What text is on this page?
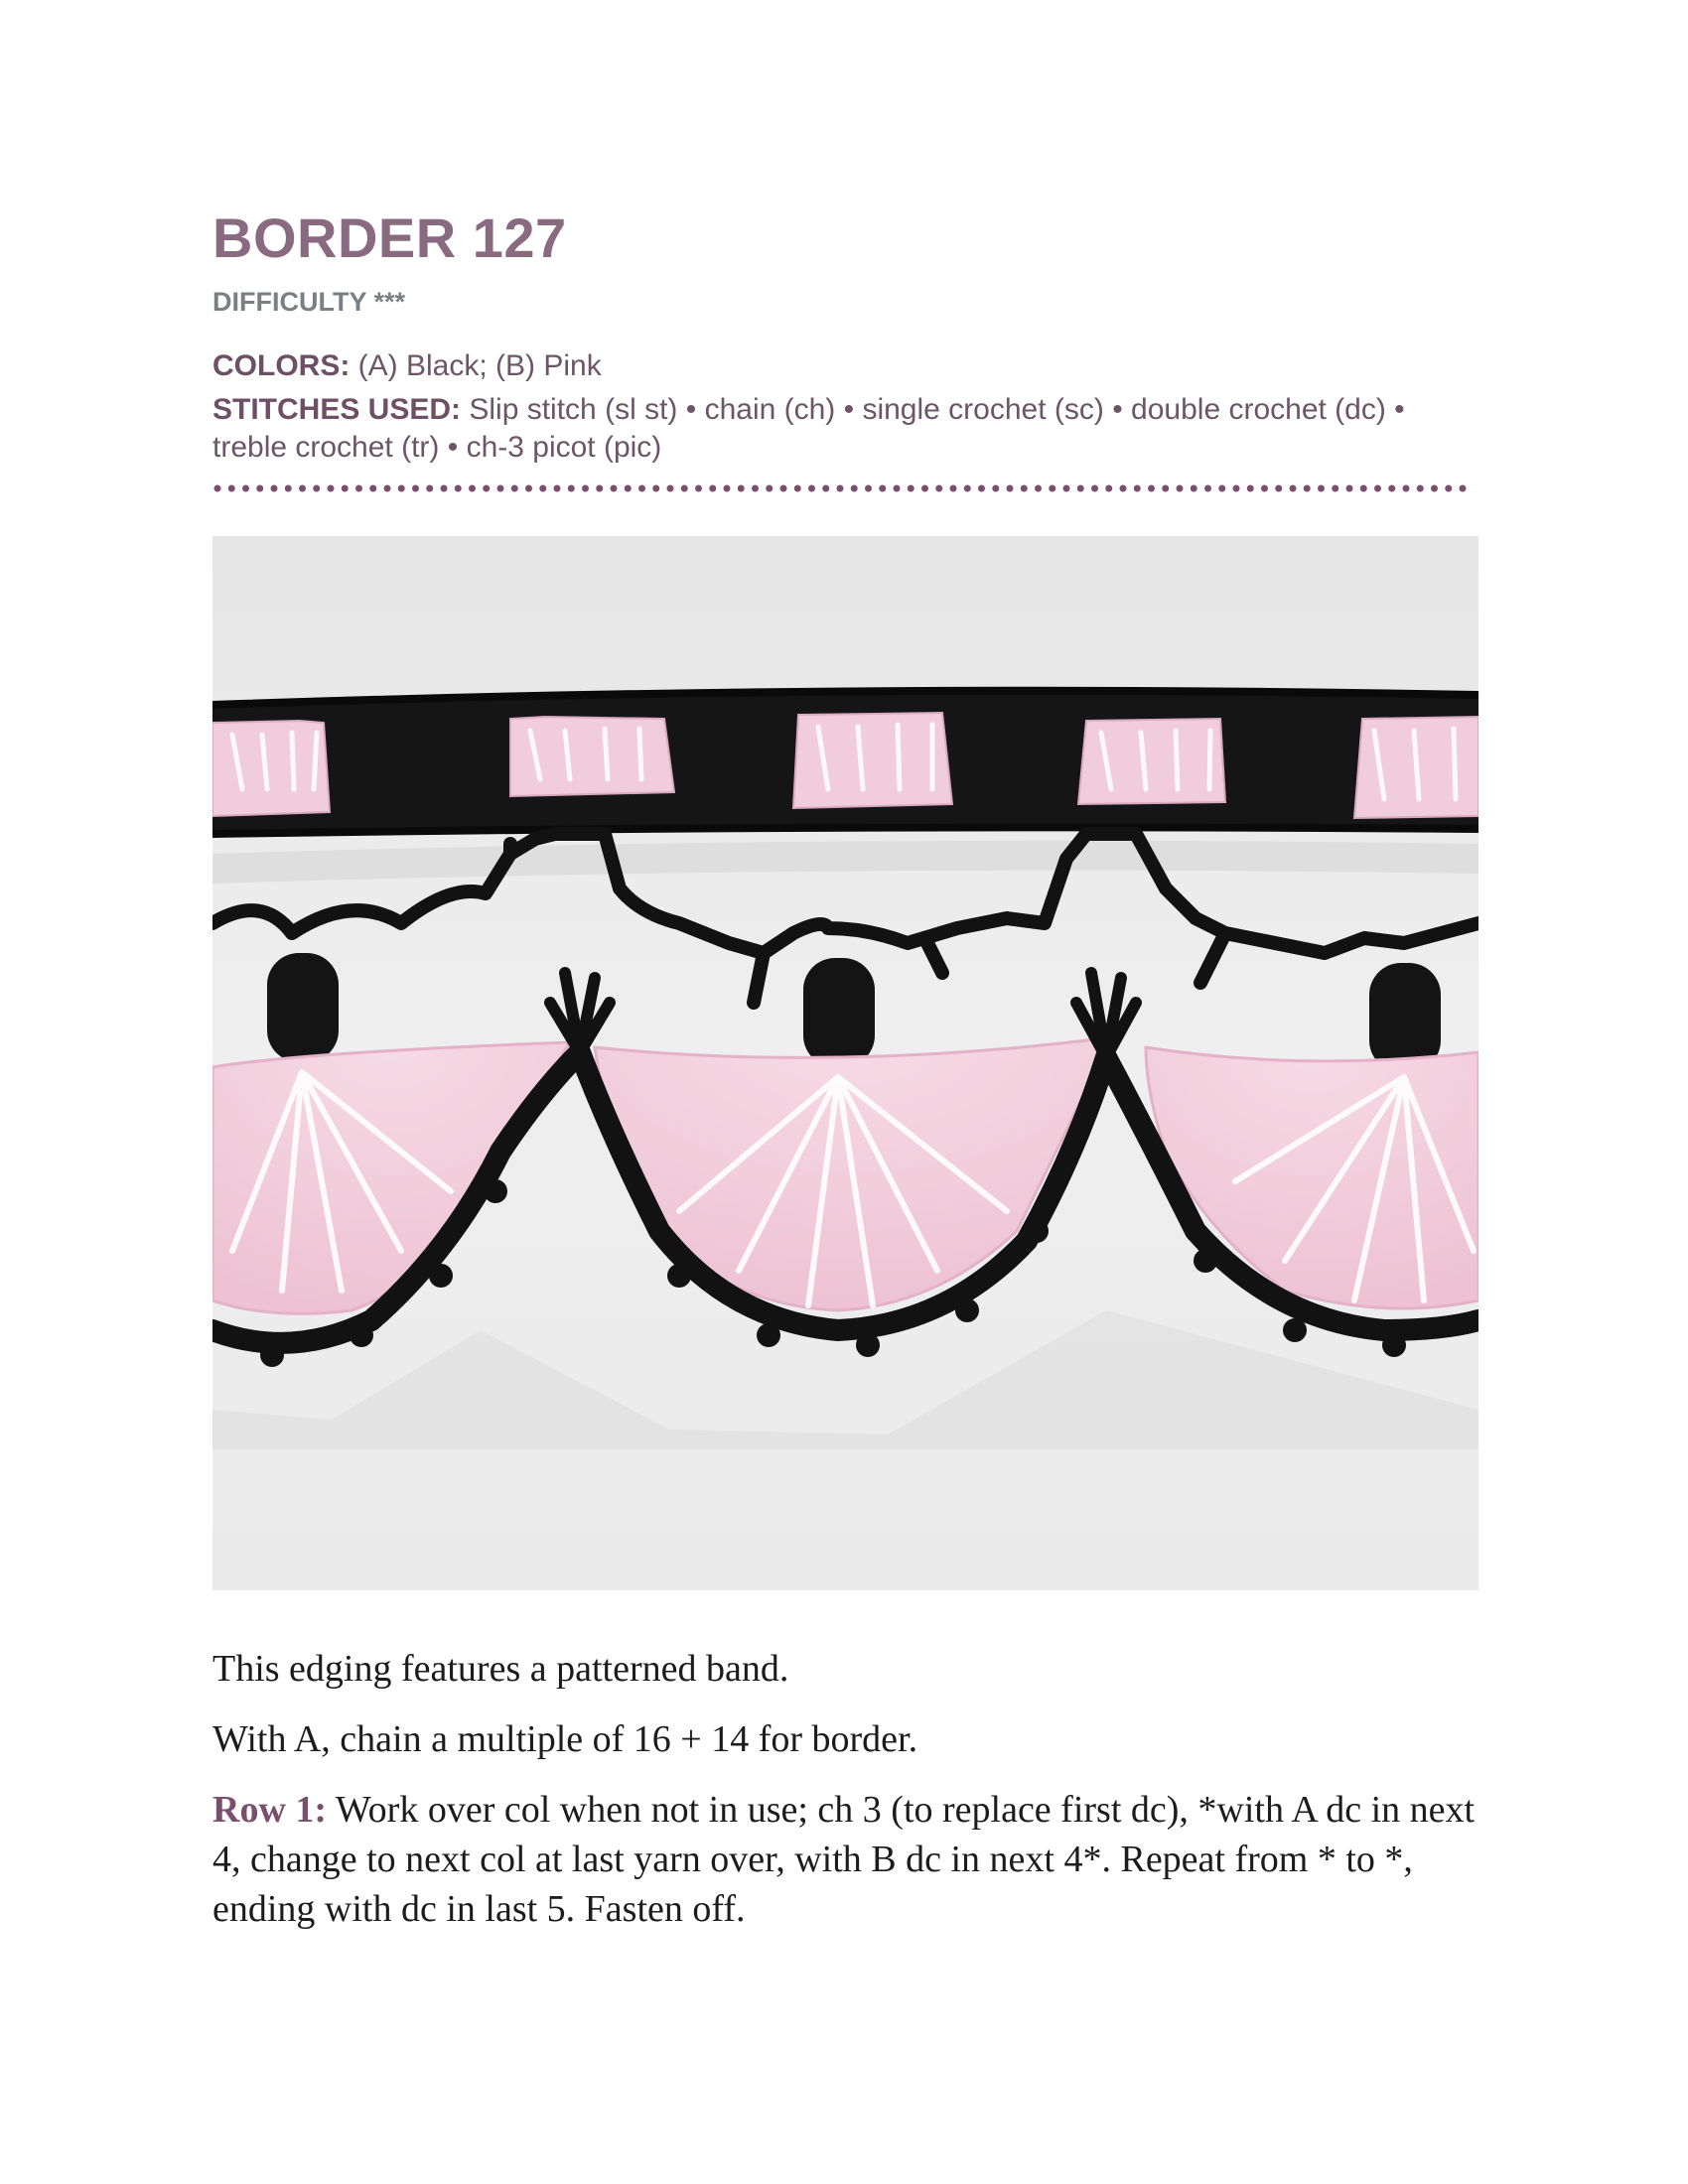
BORDER 127
DIFFICULTY ***
COLORS: (A) Black; (B) Pink
STITCHES USED: Slip stitch (sl st) • chain (ch) • single crochet (sc) • double crochet (dc) • treble crochet (tr) • ch-3 picot (pic)

This edging features a patterned band.

With A, chain a multiple of 16 + 14 for border.

Row 1: Work over col when not in use; ch 3 (to replace first dc), *with A dc in next 4, change to next col at last yarn over, with B dc in next 4*. Repeat from * to *, ending with dc in last 5. Fasten off.
